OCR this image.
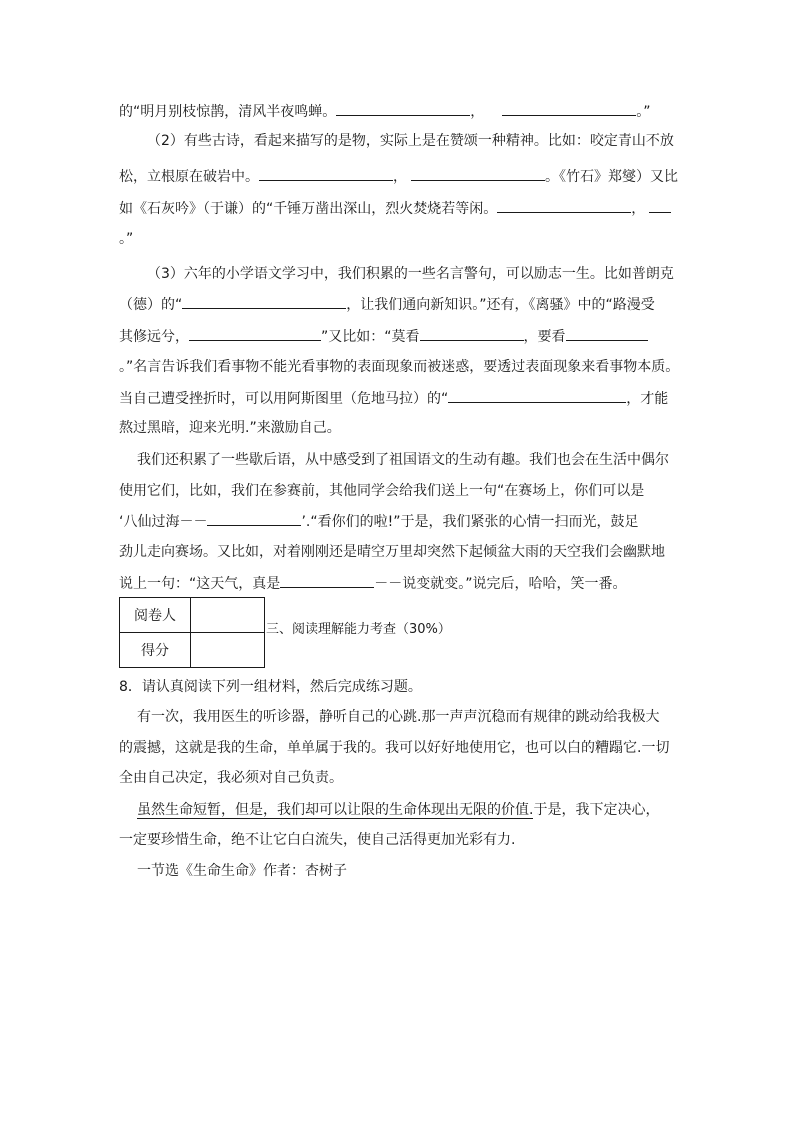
的“明月别枝惊鹊，清风半夜鸣蝉。	，	。”
（2）有些古诗，看起来描写的是物，实际上是在赞颂一种精神。比如：咬定青山不放
松，立根原在破岩中。	，	。《竹石》郑燮）又比
如《石灰吟》（于谦）的“千锤万凿出深山，烈火焚烧若等闲。	，
。”
（3）六年的小学语文学习中，我们积累的一些名言警句，可以励志一生。比如普朗克
（德）的“	，让我们通向新知识。”还有，《离骚》中的“路漫受
其修远兮，	”又比如：“莫看	，要看
。”名言告诉我们看事物不能光看事物的表面现象而被迷惑，要透过表面现象来看事物本质。
当自己遭受挫折时，可以用阿斯图里（危地马拉）的“	，才能
熬过黑暗，迎来光明.”来激励自己。
我们还积累了一些歇后语，从中感受到了祖国语文的生动有趣。我们也会在生活中偶尔
使用它们，比如，我们在参赛前，其他同学会给我们送上一句“在赛场上，你们可以是
‘八仙过海－－	’.“看你们的啦!”于是，我们紧张的心情一扫而光，鼓足
劲儿走向赛场。又比如，对着刚刚还是晴空万里却突然下起倾盆大雨的天空我们会幽默地
说上一句：“这天气，真是	－－说变就变。”说完后，哈哈，笑一番。
阅卷人	
得分	
三、阅读理解能力考查（30%）
8．请认真阅读下列一组材料，然后完成练习题。
有一次，我用医生的听诊器，静听自己的心跳.那一声声沉稳而有规律的跳动给我极大
的震撼，这就是我的生命，单单属于我的。我可以好好地使用它，也可以白的糟蹋它.一切
全由自己决定，我必须对自己负责。
虽然生命短暂，但是，我们却可以让限的生命体现出无限的价值.于是，我下定决心，
一定要珍惜生命，绝不让它白白流失，使自己活得更加光彩有力.
一节选《生命生命》作者：杏树子
